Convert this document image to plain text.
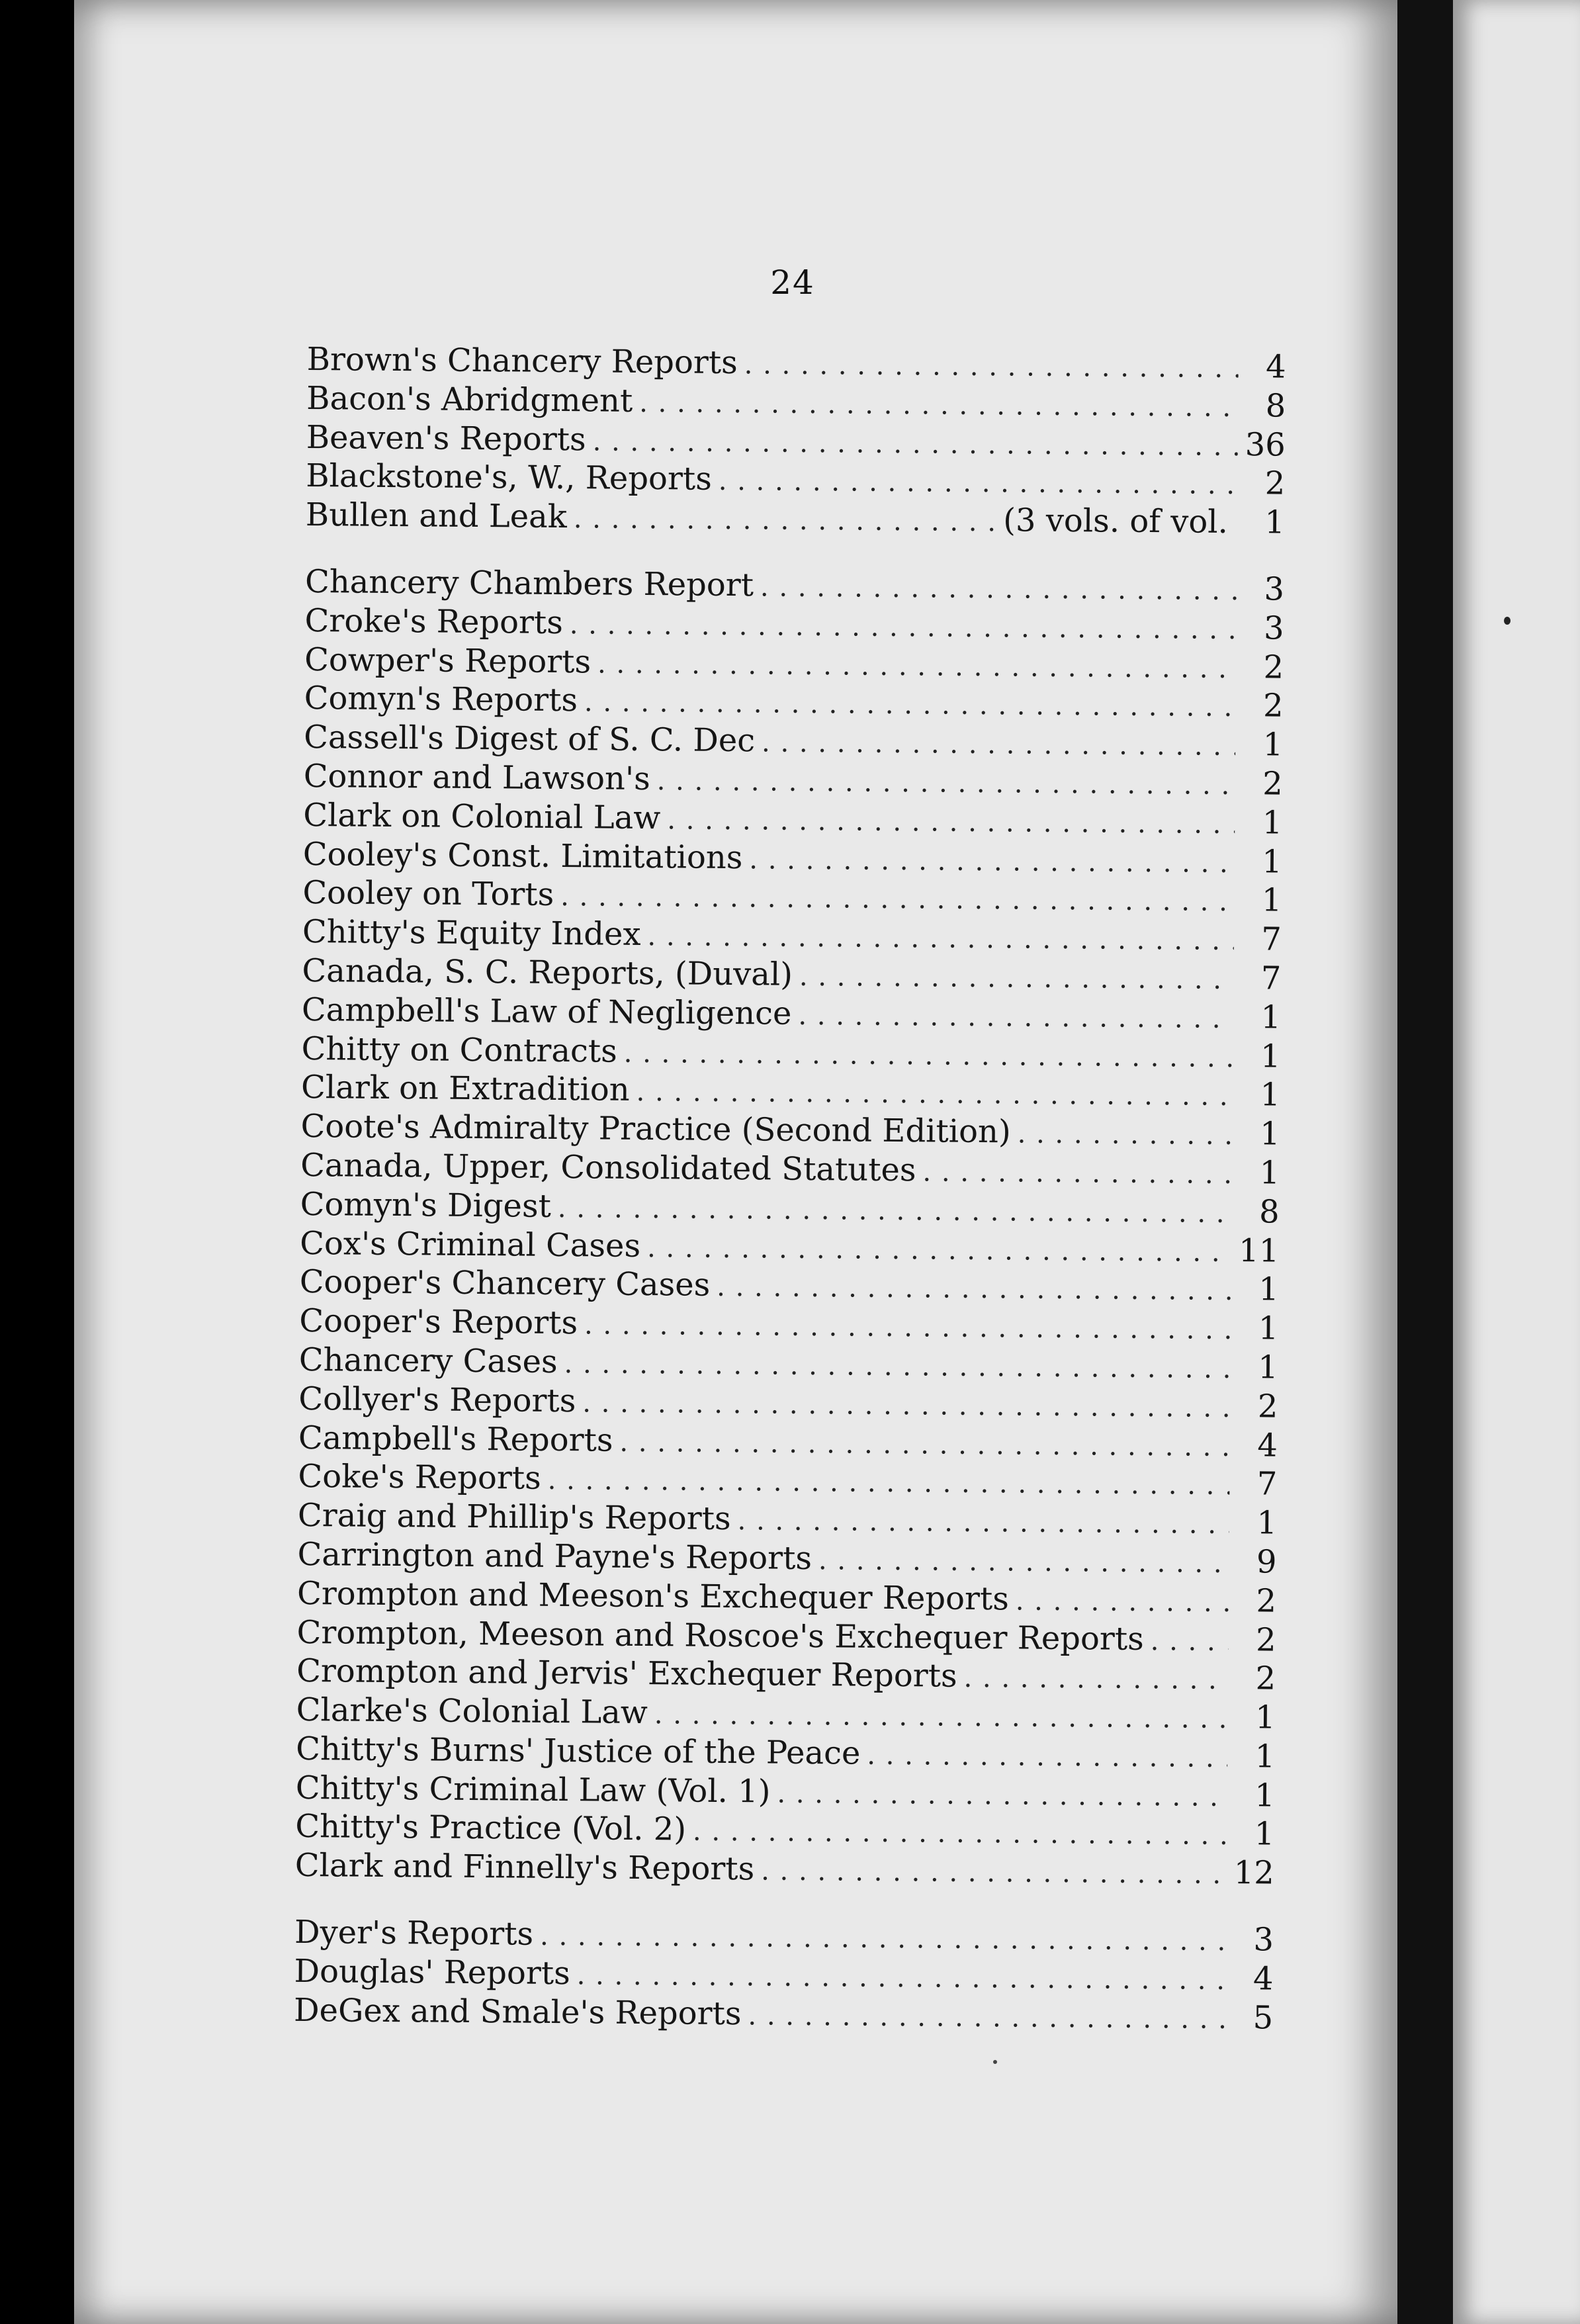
24
Brown's Chancery Reports . . .	4
Bacon's Abridgment . . .	8
Beaven's Reports . . .	36
Blackstone's, W., Reports . . .	2
Bullen and Leak . . .	(3 vols. of vol.	1
Chancery Chambers Report . . .	3
Croke's Reports . . .	3
Cowper's Reports . . .	2
Comyn's Reports . . .	2
Cassell's Digest of S. C. Dec . . .	1
Connor and Lawson's . . .	2
Clark on Colonial Law . . .	1
Cooley's Const. Limitations . . .	1
Cooley on Torts . . .	1
Chitty's Equity Index . . .	7
Canada, S. C. Reports, (Duval) . . .	7
Campbell's Law of Negligence . . .	1
Chitty on Contracts . . .	1
Clark on Extradition . . .	1
Coote's Admiralty Practice (Second Edition) . . .	1
Canada, Upper, Consolidated Statutes . . .	1
Comyn's Digest . . .	8
Cox's Criminal Cases . . .	11
Cooper's Chancery Cases . . .	1
Cooper's Reports . . .	1
Chancery Cases . . .	1
Collyer's Reports . . .	2
Campbell's Reports . . .	4
Coke's Reports . . .	7
Craig and Phillip's Reports . . .	1
Carrington and Payne's Reports . . .	9
Crompton and Meeson's Exchequer Reports . . .	2
Crompton, Meeson and Roscoe's Exchequer Reports . . .	2
Crompton and Jervis' Exchequer Reports . . .	2
Clarke's Colonial Law . . .	1
Chitty's Burns' Justice of the Peace . . .	1
Chitty's Criminal Law (Vol. 1) . . .	1
Chitty's Practice (Vol. 2) . . .	1
Clark and Finnelly's Reports . . .	12
Dyer's Reports . . .	3
Douglas' Reports . . .	4
DeGex and Smale's Reports . . .	5
